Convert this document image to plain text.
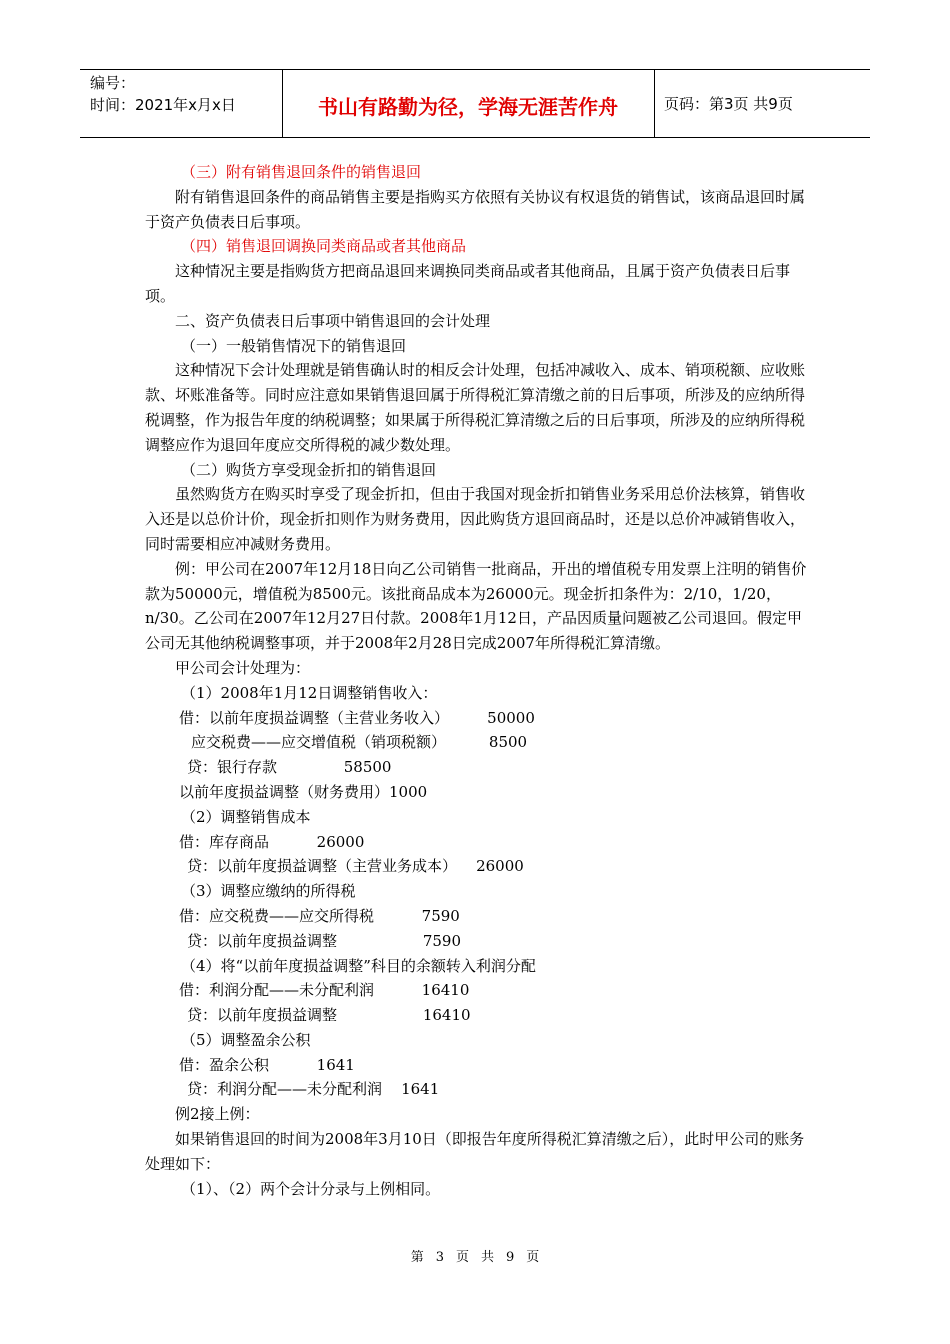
编号：
时间：2021年x月x日	书山有路勤为径，学海无涯苦作舟	页码：第3页 共9页

（三）附有销售退回条件的销售退回

附有销售退回条件的商品销售主要是指购买方依照有关协议有权退货的销售试，该商品退回时属于资产负债表日后事项。

（四）销售退回调换同类商品或者其他商品

这种情况主要是指购货方把商品退回来调换同类商品或者其他商品，且属于资产负债表日后事项。

二、资产负债表日后事项中销售退回的会计处理

（一）一般销售情况下的销售退回

这种情况下会计处理就是销售确认时的相反会计处理，包括冲减收入、成本、销项税额、应收账款、坏账准备等。同时应注意如果销售退回属于所得税汇算清缴之前的日后事项，所涉及的应纳所得税调整，作为报告年度的纳税调整；如果属于所得税汇算清缴之后的日后事项，所涉及的应纳所得税调整应作为退回年度应交所得税的减少数处理。

（二）购货方享受现金折扣的销售退回

虽然购货方在购买时享受了现金折扣，但由于我国对现金折扣销售业务采用总价法核算，销售收入还是以总价计价，现金折扣则作为财务费用，因此购货方退回商品时，还是以总价冲减销售收入，同时需要相应冲减财务费用。

例：甲公司在2007年12月18日向乙公司销售一批商品，开出的增值税专用发票上注明的销售价款为50000元，增值税为8500元。该批商品成本为26000元。现金折扣条件为：2/10，1/20，n/30。乙公司在2007年12月27日付款。2008年1月12日，产品因质量问题被乙公司退回。假定甲公司无其他纳税调整事项，并于2008年2月28日完成2007年所得税汇算清缴。

甲公司会计处理为：

（1）2008年1月12日调整销售收入：

借：以前年度损益调整（主营业务收入）        50000

应交税费——应交增值税（销项税额）         8500

贷：银行存款              58500

以前年度损益调整（财务费用）1000

（2）调整销售成本

借：库存商品          26000

贷：以前年度损益调整（主营业务成本）    26000

（3）调整应缴纳的所得税

借：应交税费——应交所得税          7590

贷：以前年度损益调整                  7590

（4）将“以前年度损益调整”科目的余额转入利润分配

借：利润分配——未分配利润          16410

贷：以前年度损益调整                  16410

（5）调整盈余公积

借：盈余公积          1641

贷：利润分配——未分配利润    1641

例2接上例：

如果销售退回的时间为2008年3月10日（即报告年度所得税汇算清缴之后），此时甲公司的账务处理如下：

（1）、（2）两个会计分录与上例相同。

第 3 页 共 9 页
